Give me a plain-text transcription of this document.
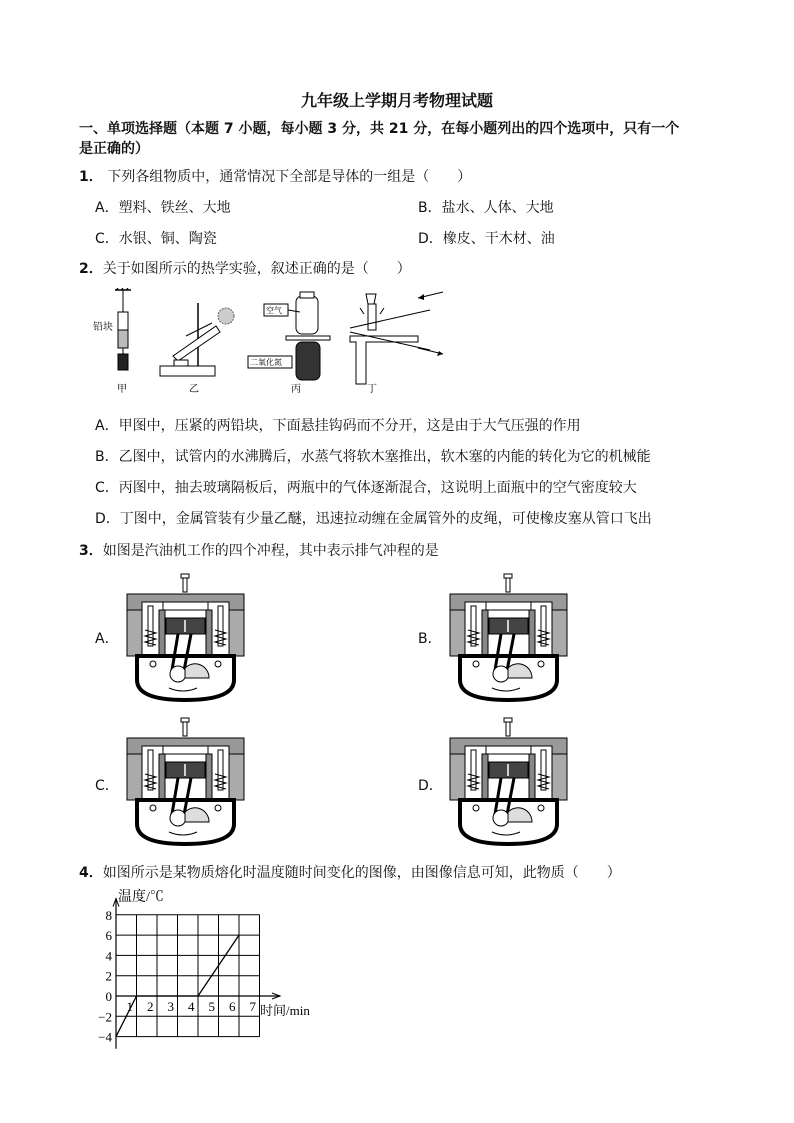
九年级上学期月考物理试题
一、单项选择题（本题 7 小题，每小题 3 分，共 21 分，在每小题列出的四个选项中，只有一个
是正确的）
1． 下列各组物质中，通常情况下全部是导体的一组是（　　）
A．塑料、铁丝、大地	B．盐水、人体、大地
C．水银、铜、陶瓷	D．橡皮、干木材、油
2．关于如图所示的热学实验，叙述正确的是（　　）
铅块
甲	乙
空气
二氧化氮
丙	丁
A．甲图中，压紧的两铅块，下面悬挂钩码而不分开，这是由于大气压强的作用
B．乙图中，试管内的水沸腾后，水蒸气将软木塞推出，软木塞的内能的转化为它的机械能
C．丙图中，抽去玻璃隔板后，两瓶中的气体逐渐混合，这说明上面瓶中的空气密度较大
D．丁图中，金属管装有少量乙醚，迅速拉动缠在金属管外的皮绳，可使橡皮塞从管口飞出
3．如图是汽油机工作的四个冲程，其中表示排气冲程的是
A．	B．
C．	D．
4．如图所示是某物质熔化时温度随时间变化的图像，由图像信息可知，此物质（　　）
1 2 3 4 5 6 7
8
6
4
2
0
−2
−4
温度/℃
时间/min
